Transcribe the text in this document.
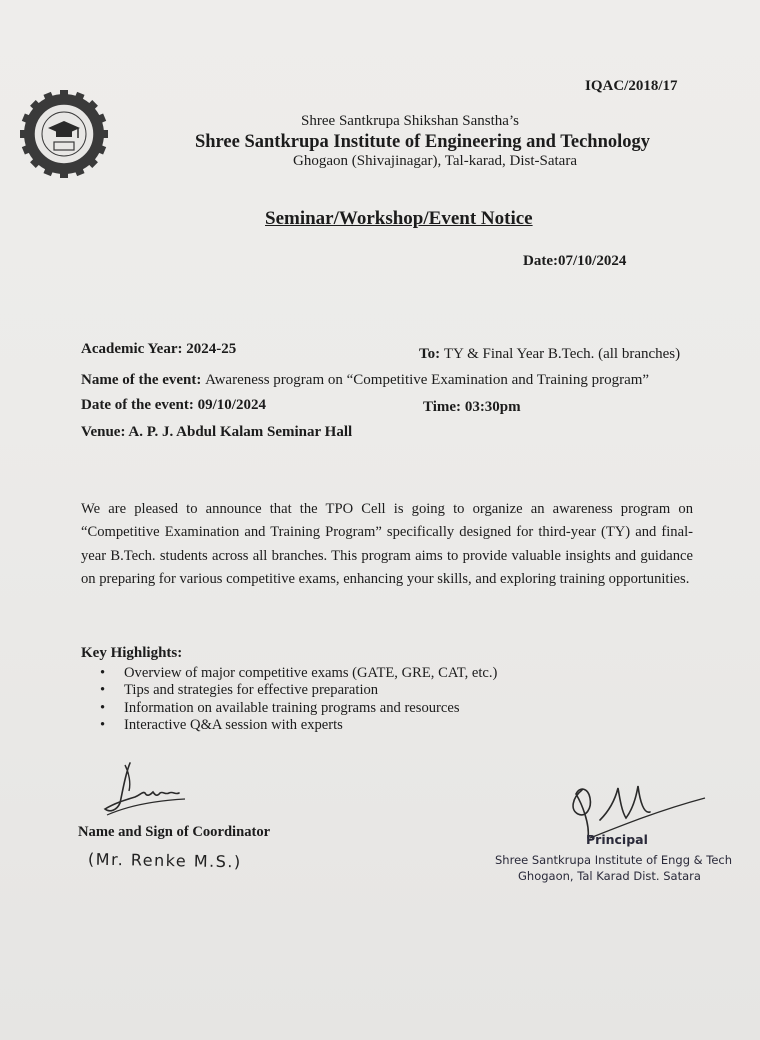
IQAC/2018/17
Shree Santkrupa Shikshan Sanstha’s
Shree Santkrupa Institute of Engineering and Technology
Ghogaon (Shivajinagar), Tal-karad, Dist-Satara
Seminar/Workshop/Event Notice
Date:07/10/2024
Academic Year: 2024-25	To: TY & Final Year B.Tech. (all branches)
Name of the event: Awareness program on “Competitive Examination and Training program”
Date of the event: 09/10/2024	Time: 03:30pm
Venue: A. P. J. Abdul Kalam Seminar Hall
We are pleased to announce that the TPO Cell is going to organize an awareness program on “Competitive Examination and Training Program” specifically designed for third-year (TY) and final-year B.Tech. students across all branches. This program aims to provide valuable insights and guidance on preparing for various competitive exams, enhancing your skills, and exploring training opportunities.
Key Highlights:
• Overview of major competitive exams (GATE, GRE, CAT, etc.)
• Tips and strategies for effective preparation
• Information on available training programs and resources
• Interactive Q&A session with experts
Name and Sign of Coordinator
(Mr. Renke M.S.)
Principal
Shree Santkrupa Institute of Engg & Tech
Ghogaon, Tal Karad Dist. Satara
